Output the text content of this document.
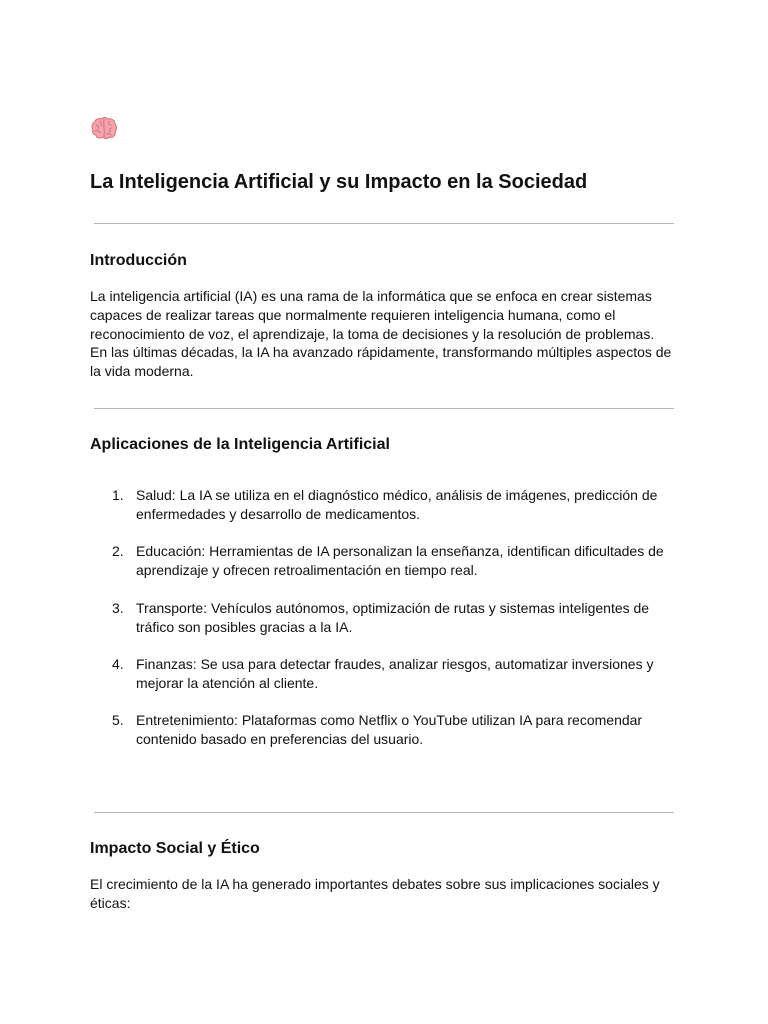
La Inteligencia Artificial y su Impacto en la Sociedad
Introducción

La inteligencia artificial (IA) es una rama de la informática que se enfoca en crear sistemas capaces de realizar tareas que normalmente requieren inteligencia humana, como el reconocimiento de voz, el aprendizaje, la toma de decisiones y la resolución de problemas. En las últimas décadas, la IA ha avanzado rápidamente, transformando múltiples aspectos de la vida moderna.

Aplicaciones de la Inteligencia Artificial
1. Salud: La IA se utiliza en el diagnóstico médico, análisis de imágenes, predicción de enfermedades y desarrollo de medicamentos.
2. Educación: Herramientas de IA personalizan la enseñanza, identifican dificultades de aprendizaje y ofrecen retroalimentación en tiempo real.
3. Transporte: Vehículos autónomos, optimización de rutas y sistemas inteligentes de tráfico son posibles gracias a la IA.
4. Finanzas: Se usa para detectar fraudes, analizar riesgos, automatizar inversiones y mejorar la atención al cliente.
5. Entretenimiento: Plataformas como Netflix o YouTube utilizan IA para recomendar contenido basado en preferencias del usuario.
Impacto Social y Ético

El crecimiento de la IA ha generado importantes debates sobre sus implicaciones sociales y éticas:
